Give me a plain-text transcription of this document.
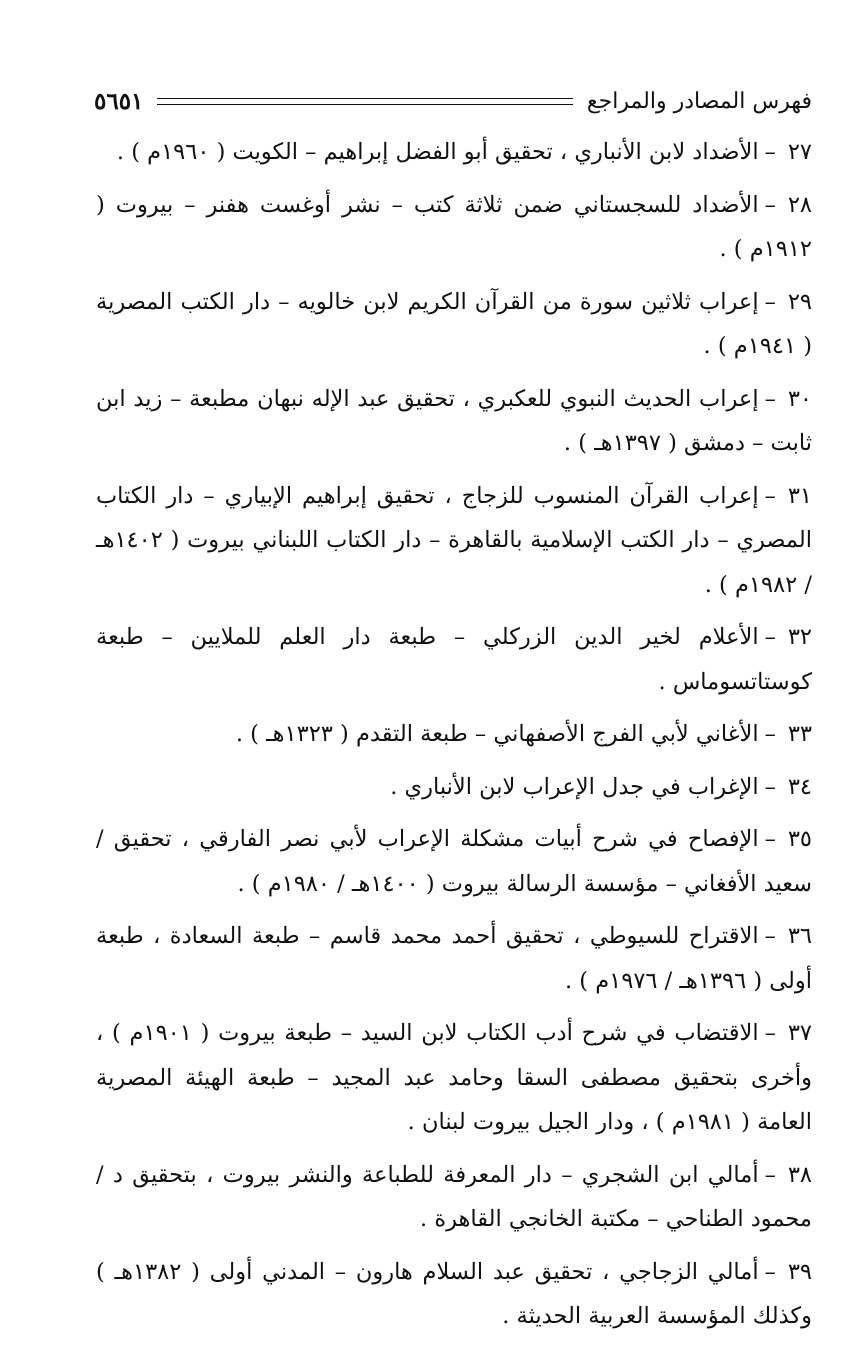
فهرس المصادر والمراجع
٥٦٥١

٢٧–الأضداد لابن الأنباري ، تحقيق أبو الفضل إبراهيم – الكويت ( ١٩٦٠م ) .

٢٨–الأضداد للسجستاني ضمن ثلاثة كتب – نشر أوغست هفنر – بيروت ( ١٩١٢م ) .

٢٩–إعراب ثلاثين سورة من القرآن الكريم لابن خالويه – دار الكتب المصرية ( ١٩٤١م ) .

٣٠–إعراب الحديث النبوي للعكبري ، تحقيق عبد الإله نبهان مطبعة – زيد ابن ثابت – دمشق ( ١٣٩٧هـ ) .

٣١–إعراب القرآن المنسوب للزجاج ، تحقيق إبراهيم الإبياري – دار الكتاب المصري – دار الكتب الإسلامية بالقاهرة – دار الكتاب اللبناني بيروت ( ١٤٠٢هـ / ١٩٨٢م ) .

٣٢–الأعلام لخير الدين الزركلي – طبعة دار العلم للملايين – طبعة كوستاتسوماس .

٣٣–الأغاني لأبي الفرج الأصفهاني – طبعة التقدم ( ١٣٢٣هـ ) .

٣٤–الإغراب في جدل الإعراب لابن الأنباري .

٣٥–الإفصاح في شرح أبيات مشكلة الإعراب لأبي نصر الفارقي ، تحقيق / سعيد الأفغاني – مؤسسة الرسالة بيروت ( ١٤٠٠هـ / ١٩٨٠م ) .

٣٦–الاقتراح للسيوطي ، تحقيق أحمد محمد قاسم – طبعة السعادة ، طبعة أولى ( ١٣٩٦هـ / ١٩٧٦م ) .

٣٧–الاقتضاب في شرح أدب الكتاب لابن السيد – طبعة بيروت ( ١٩٠١م ) ، وأخرى بتحقيق مصطفى السقا وحامد عبد المجيد – طبعة الهيئة المصرية العامة ( ١٩٨١م ) ، ودار الجيل بيروت لبنان .

٣٨–أمالي ابن الشجري – دار المعرفة للطباعة والنشر بيروت ، بتحقيق د / محمود الطناحي – مكتبة الخانجي القاهرة .

٣٩–أمالي الزجاجي ، تحقيق عبد السلام هارون – المدني أولى ( ١٣٨٢هـ ) وكذلك المؤسسة العربية الحديثة .
